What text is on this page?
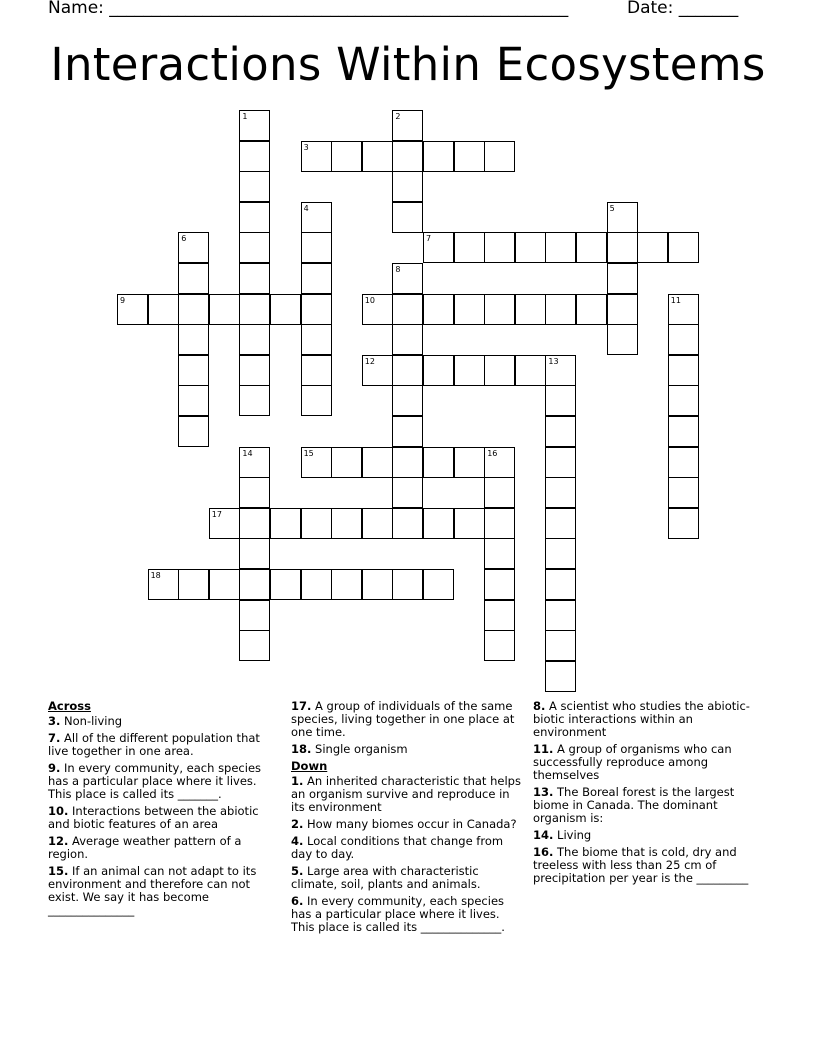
Name: ______________________________________________________	Date: _______
Interactions Within Ecosystems
1	2
3
4	5
6	7
8
9	10	11
12	13
14	15	16
17
18
Across
3. Non-living
7. All of the different population that live together in one area.
9. In every community, each species has a particular place where it lives. This place is called its _______.
10. Interactions between the abiotic and biotic features of an area
12. Average weather pattern of a region.
15. If an animal can not adapt to its environment and therefore can not exist. We say it has become _______________
17. A group of individuals of the same species, living together in one place at one time.
18. Single organism
Down
1. An inherited characteristic that helps an organism survive and reproduce in its environment
2. How many biomes occur in Canada?
4. Local conditions that change from day to day.
5. Large area with characteristic climate, soil, plants and animals.
6. In every community, each species has a particular place where it lives. This place is called its ______________.
8. A scientist who studies the abiotic-biotic interactions within an environment
11. A group of organisms who can successfully reproduce among themselves
13. The Boreal forest is the largest biome in Canada. The dominant organism is:
14. Living
16. The biome that is cold, dry and treeless with less than 25 cm of precipitation per year is the _________
